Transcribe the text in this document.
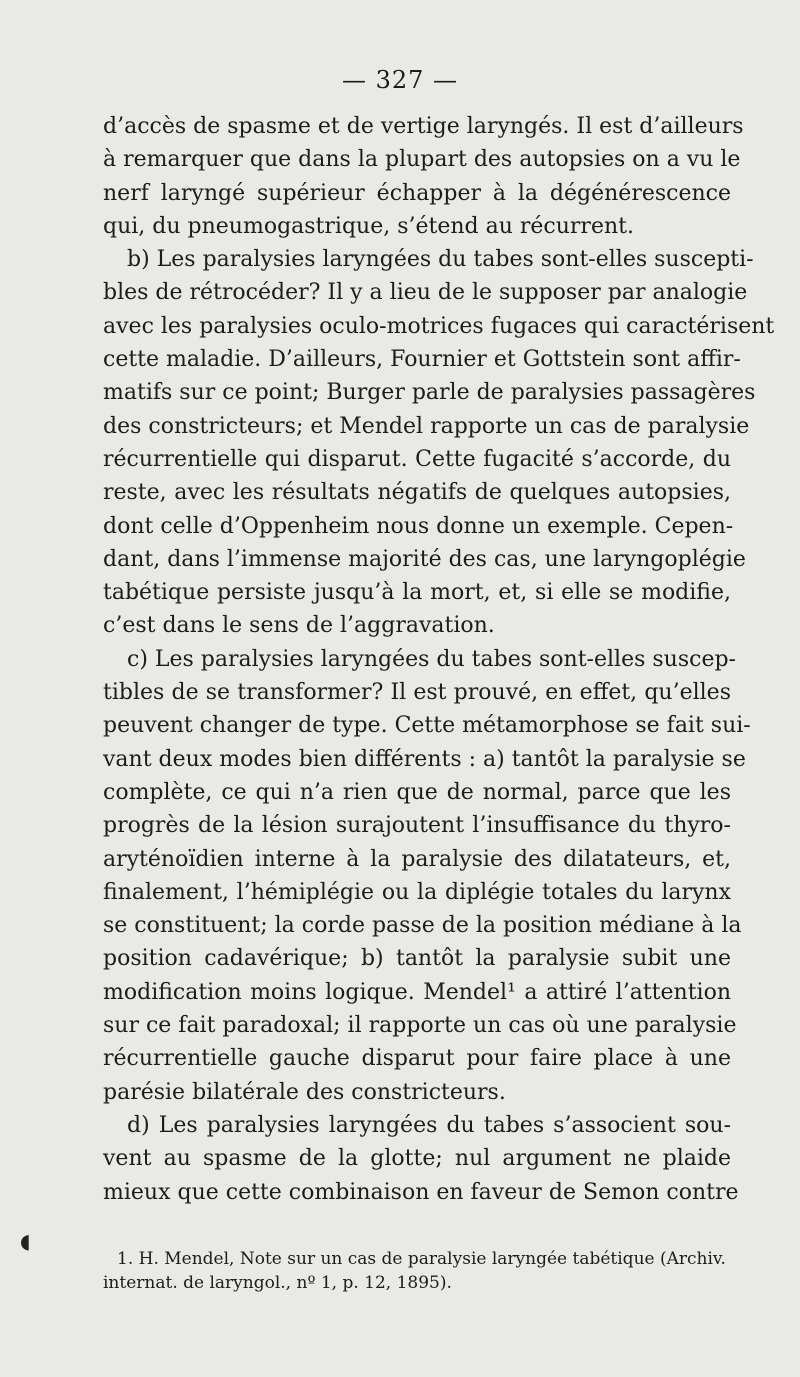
— 327 —
d’accès de spasme et de vertige laryngés. Il est d’ailleurs
à remarquer que dans la plupart des autopsies on a vu le
nerf laryngé supérieur échapper à la dégénérescence
qui, du pneumogastrique, s’étend au récurrent.
b) Les paralysies laryngées du tabes sont-elles suscepti-
bles de rétrocéder? Il y a lieu de le supposer par analogie
avec les paralysies oculo-motrices fugaces qui caractérisent
cette maladie. D’ailleurs, Fournier et Gottstein sont affir-
matifs sur ce point; Burger parle de paralysies passagères
des constricteurs; et Mendel rapporte un cas de paralysie
récurrentielle qui disparut. Cette fugacité s’accorde, du
reste, avec les résultats négatifs de quelques autopsies,
dont celle d’Oppenheim nous donne un exemple. Cepen-
dant, dans l’immense majorité des cas, une laryngoplégie
tabétique persiste jusqu’à la mort, et, si elle se modifie,
c’est dans le sens de l’aggravation.
c) Les paralysies laryngées du tabes sont-elles suscep-
tibles de se transformer? Il est prouvé, en effet, qu’elles
peuvent changer de type. Cette métamorphose se fait sui-
vant deux modes bien différents : a) tantôt la paralysie se
complète, ce qui n’a rien que de normal, parce que les
progrès de la lésion surajoutent l’insuffisance du thyro-
aryténoïdien interne à la paralysie des dilatateurs, et,
finalement, l’hémiplégie ou la diplégie totales du larynx
se constituent; la corde passe de la position médiane à la
position cadavérique; b) tantôt la paralysie subit une
modification moins logique. Mendel¹ a attiré l’attention
sur ce fait paradoxal; il rapporte un cas où une paralysie
récurrentielle gauche disparut pour faire place à une
parésie bilatérale des constricteurs.
d) Les paralysies laryngées du tabes s’associent sou-
vent au spasme de la glotte; nul argument ne plaide
mieux que cette combinaison en faveur de Semon contre
1. H. Mendel, Note sur un cas de paralysie laryngée tabétique (Archiv.
internat. de laryngol., nº 1, p. 12, 1895).
◖
